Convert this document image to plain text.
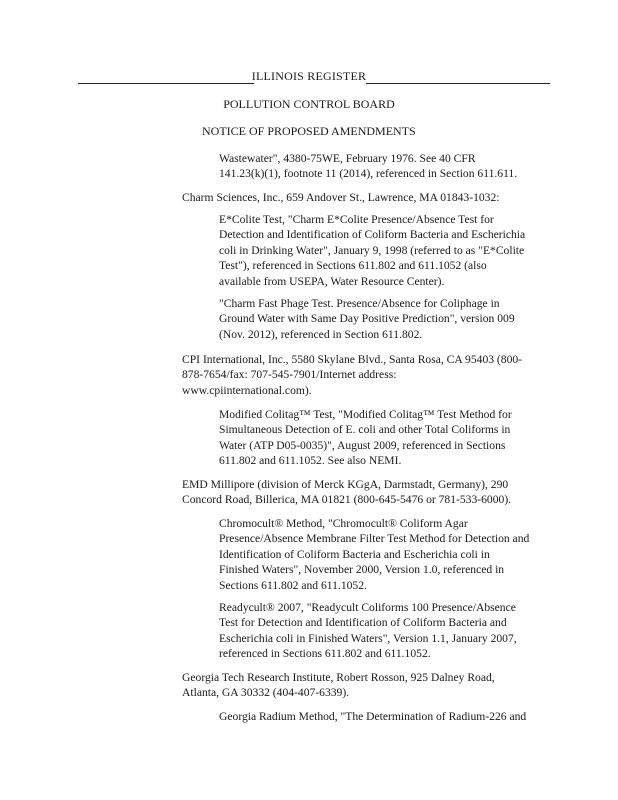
ILLINOIS REGISTER
POLLUTION CONTROL BOARD
NOTICE OF PROPOSED AMENDMENTS

Wastewater", 4380-75WE, February 1976. See 40 CFR
141.23(k)(1), footnote 11 (2014), referenced in Section 611.611.

Charm Sciences, Inc., 659 Andover St., Lawrence, MA 01843-1032:

E*Colite Test, "Charm E*Colite Presence/Absence Test for
Detection and Identification of Coliform Bacteria and Escherichia
coli in Drinking Water", January 9, 1998 (referred to as "E*Colite
Test"), referenced in Sections 611.802 and 611.1052 (also
available from USEPA, Water Resource Center).

"Charm Fast Phage Test. Presence/Absence for Coliphage in
Ground Water with Same Day Positive Prediction", version 009
(Nov. 2012), referenced in Section 611.802.

CPI International, Inc., 5580 Skylane Blvd., Santa Rosa, CA 95403 (800-
878-7654/fax: 707-545-7901/Internet address:
www.cpiinternational.com).

Modified Colitag™ Test, "Modified Colitag™ Test Method for
Simultaneous Detection of E. coli and other Total Coliforms in
Water (ATP D05-0035)", August 2009, referenced in Sections
611.802 and 611.1052. See also NEMI.

EMD Millipore (division of Merck KGgA, Darmstadt, Germany), 290
Concord Road, Billerica, MA 01821 (800-645-5476 or 781-533-6000).

Chromocult® Method, "Chromocult® Coliform Agar
Presence/Absence Membrane Filter Test Method for Detection and
Identification of Coliform Bacteria and Escherichia coli in
Finished Waters", November 2000, Version 1.0, referenced in
Sections 611.802 and 611.1052.

Readycult® 2007, "Readycult Coliforms 100 Presence/Absence
Test for Detection and Identification of Coliform Bacteria and
Escherichia coli in Finished Waters", Version 1.1, January 2007,
referenced in Sections 611.802 and 611.1052.

Georgia Tech Research Institute, Robert Rosson, 925 Dalney Road,
Atlanta, GA 30332 (404-407-6339).

Georgia Radium Method, "The Determination of Radium-226 and
